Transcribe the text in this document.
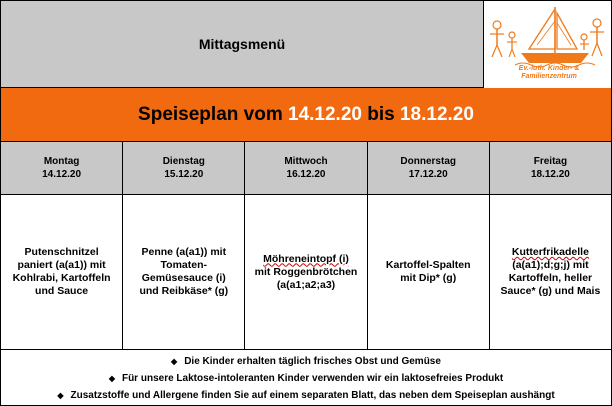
Mittagsmenü
Ev.-luth. Kinder- & Familienzentrum
Speiseplan vom 14.12.20 bis 18.12.20
Montag
14.12.20
Dienstag
15.12.20
Mittwoch
16.12.20
Donnerstag
17.12.20
Freitag
18.12.20
Putenschnitzel
paniert (a(a1)) mit
Kohlrabi, Kartoffeln
und Sauce
Penne (a(a1)) mit
Tomaten-
Gemüsesauce (i)
und Reibkäse* (g)
Möhreneintopf (i)
mit Roggenbrötchen
(a(a1;a2;a3)
Kartoffel-Spalten
mit Dip* (g)
Kutterfrikadelle
(a(a1);d;g;j) mit
Kartoffeln, heller
Sauce* (g) und Mais
◆ Die Kinder erhalten täglich frisches Obst und Gemüse
◆ Für unsere Laktose-intoleranten Kinder verwenden wir ein laktosefreies Produkt
◆ Zusatzstoffe und Allergene finden Sie auf einem separaten Blatt, das neben dem Speiseplan aushängt
